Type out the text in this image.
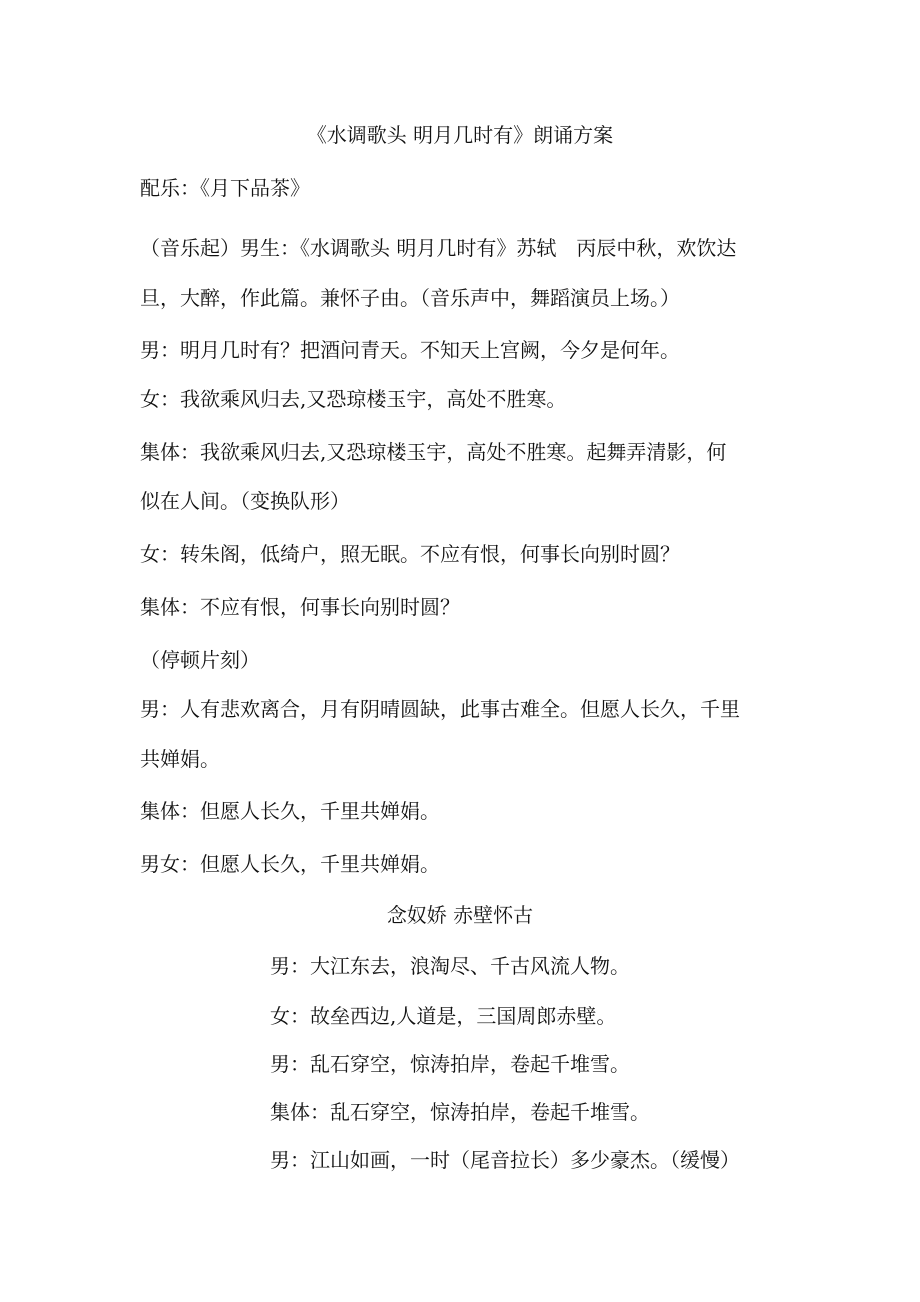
《水调歌头 明月几时有》朗诵方案

配乐：《月下品茶》

（音乐起）男生：《水调歌头 明月几时有》苏轼　丙辰中秋，欢饮达

旦，大醉，作此篇。兼怀子由。（音乐声中，舞蹈演员上场。）

男：明月几时有？把酒问青天。不知天上宫阙，今夕是何年。

女：我欲乘风归去,又恐琼楼玉宇，高处不胜寒。

集体：我欲乘风归去,又恐琼楼玉宇，高处不胜寒。起舞弄清影，何

似在人间。（变换队形）

女：转朱阁，低绮户，照无眠。不应有恨，何事长向别时圆？

集体：不应有恨，何事长向别时圆？

（停顿片刻）

男：人有悲欢离合，月有阴晴圆缺，此事古难全。但愿人长久，千里

共婵娟。

集体：但愿人长久，千里共婵娟。

男女：但愿人长久，千里共婵娟。

念奴娇 赤壁怀古

男：大江东去，浪淘尽、千古风流人物。

女：故垒西边,人道是，三国周郎赤壁。

男：乱石穿空，惊涛拍岸，卷起千堆雪。

集体：乱石穿空，惊涛拍岸，卷起千堆雪。

男：江山如画，一时（尾音拉长）多少豪杰。（缓慢）
